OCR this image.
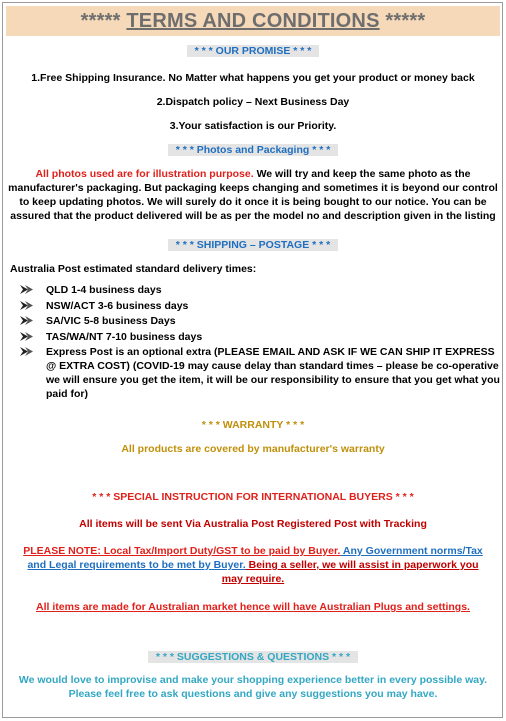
***** TERMS AND CONDITIONS *****
* * * OUR PROMISE * * *
1.Free Shipping Insurance. No Matter what happens you get your product or money back
2.Dispatch policy – Next Business Day
3.Your satisfaction is our Priority.
* * * Photos and Packaging * * *
All photos used are for illustration purpose. We will try and keep the same photo as the manufacturer's packaging. But packaging keeps changing and sometimes it is beyond our control to keep updating photos. We will surely do it once it is being bought to our notice. You can be assured that the product delivered will be as per the model no and description given in the listing
* * * SHIPPING – POSTAGE * * *
Australia Post estimated standard delivery times:
QLD 1-4 business days
NSW/ACT 3-6 business days
SA/VIC 5-8 business Days
TAS/WA/NT 7-10 business days
Express Post is an optional extra (PLEASE EMAIL AND ASK IF WE CAN SHIP IT EXPRESS @ EXTRA COST) (COVID-19 may cause delay than standard times – please be co-operative we will ensure you get the item, it will be our responsibility to ensure that you get what you paid for)
* * * WARRANTY * * *
All products are covered by manufacturer's warranty
* * * SPECIAL INSTRUCTION FOR INTERNATIONAL BUYERS * * *
All items will be sent Via Australia Post Registered Post with Tracking
PLEASE NOTE: Local Tax/Import Duty/GST to be paid by Buyer. Any Government norms/Tax and Legal requirements to be met by Buyer. Being a seller, we will assist in paperwork you may require.
All items are made for Australian market hence will have Australian Plugs and settings.
* * * SUGGESTIONS & QUESTIONS * * *
We would love to improvise and make your shopping experience better in every possible way. Please feel free to ask questions and give any suggestions you may have.
